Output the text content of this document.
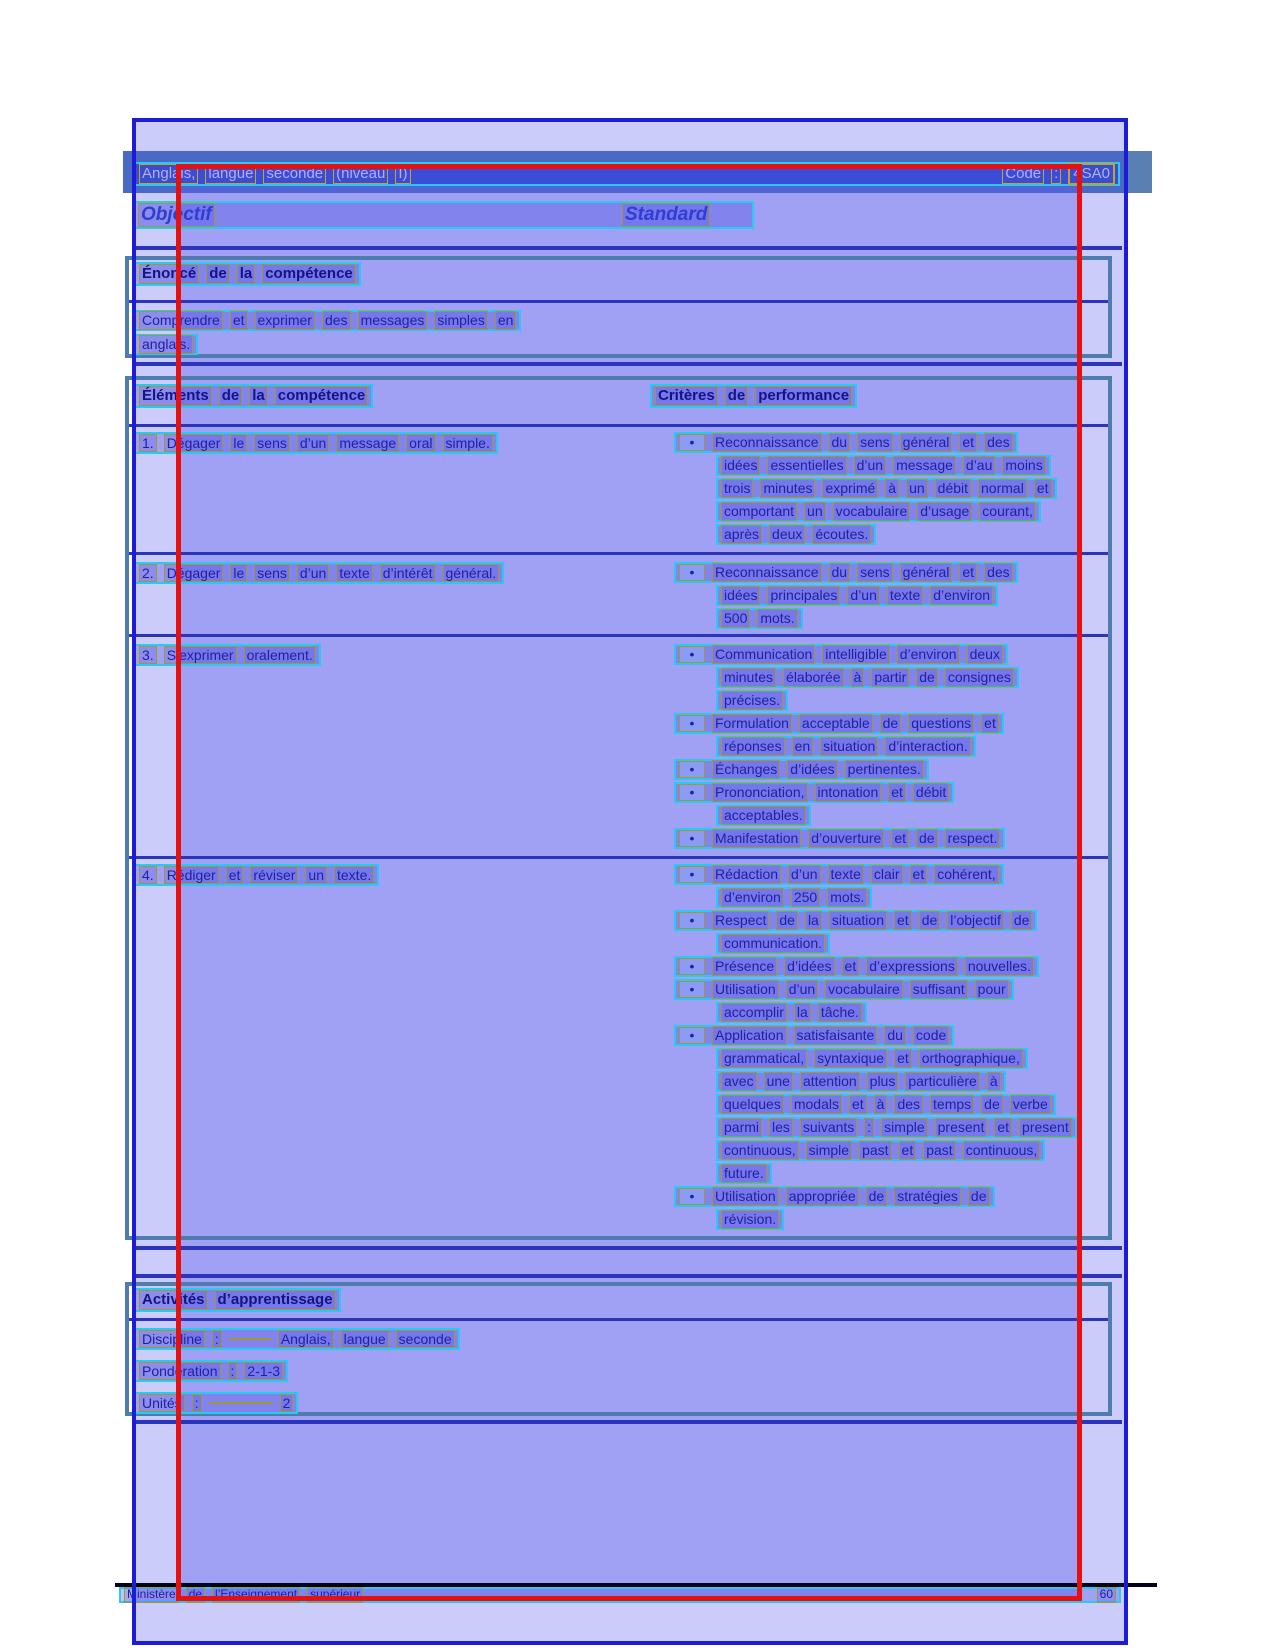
Anglais, langue seconde (niveau I)	Code :	4SA0
Objectif	Standard
Énoncé de la compétence
Comprendre et exprimer des messages simples en
anglais.
Éléments de la compétence	Critères de performance
1. Dégager le sens d’un message oral simple.	•	Reconnaissance du sens général et des
idées essentielles d’un message d’au moins
trois minutes exprimé à un débit normal et
comportant un vocabulaire d’usage courant,
après deux écoutes.
2. Dégager le sens d’un texte d’intérêt général.	•	Reconnaissance du sens général et des
idées principales d’un texte d’environ
500 mots.
3. S’exprimer oralement.	•	Communication intelligible d’environ deux
minutes élaborée à partir de consignes
précises.
•	Formulation acceptable de questions et
réponses en situation d’interaction.
•	Échanges d’idées pertinentes.
•	Prononciation, intonation et débit
acceptables.
•	Manifestation d’ouverture et de respect.
4. Rédiger et réviser un texte.	•	Rédaction d’un texte clair et cohérent,
d’environ 250 mots.
•	Respect de la situation et de l’objectif de
communication.
•	Présence d’idées et d’expressions nouvelles.
•	Utilisation d’un vocabulaire suffisant pour
accomplir la tâche.
•	Application satisfaisante du code
grammatical, syntaxique et orthographique,
avec une attention plus particulière à
quelques modals et à des temps de verbe
parmi les suivants : simple present et present
continuous, simple past et past continuous,
future.
•	Utilisation appropriée de stratégies de
révision.
Activités d’apprentissage
Discipline :	Anglais, langue seconde
Pondération : 2-1-3
Unités :	2
Ministère de l’Enseignement supérieur	60
